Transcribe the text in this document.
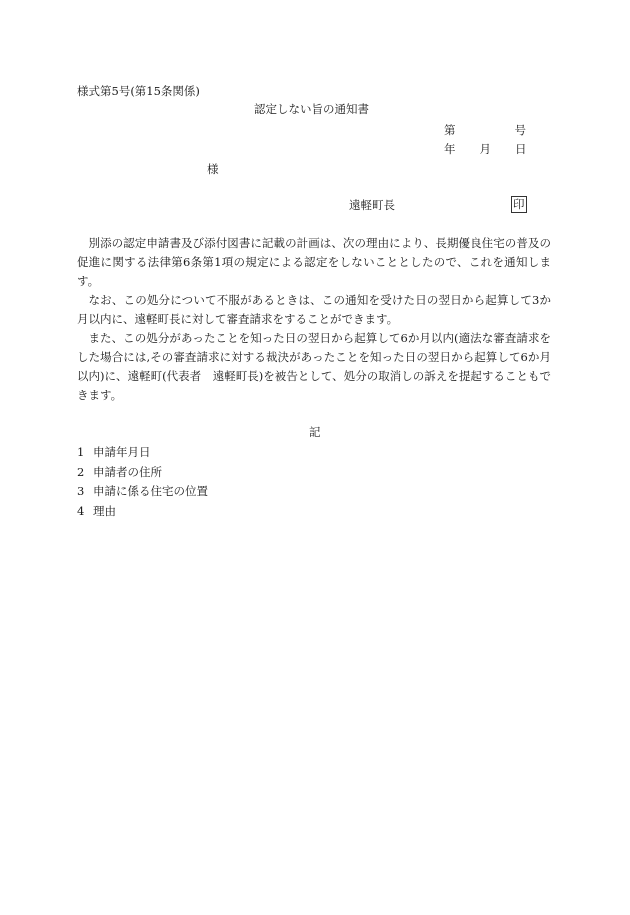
様式第5号(第15条関係)
認定しない旨の通知書
第	号
年 月 日
様
遠軽町長	印

別添の認定申請書及び添付図書に記載の計画は、次の理由により、長期優良住宅の普及の促進に関する法律第6条第1項の規定による認定をしないこととしたので、これを通知します。

なお、この処分について不服があるときは、この通知を受けた日の翌日から起算して3か月以内に、遠軽町長に対して審査請求をすることができます。

また、この処分があったことを知った日の翌日から起算して6か月以内(適法な審査請求をした場合には,その審査請求に対する裁決があったことを知った日の翌日から起算して6か月以内)に、遠軽町(代表者　遠軽町長)を被告として、処分の取消しの訴えを提起することもできます。

記
1 申請年月日
2 申請者の住所
3 申請に係る住宅の位置
4 理由
